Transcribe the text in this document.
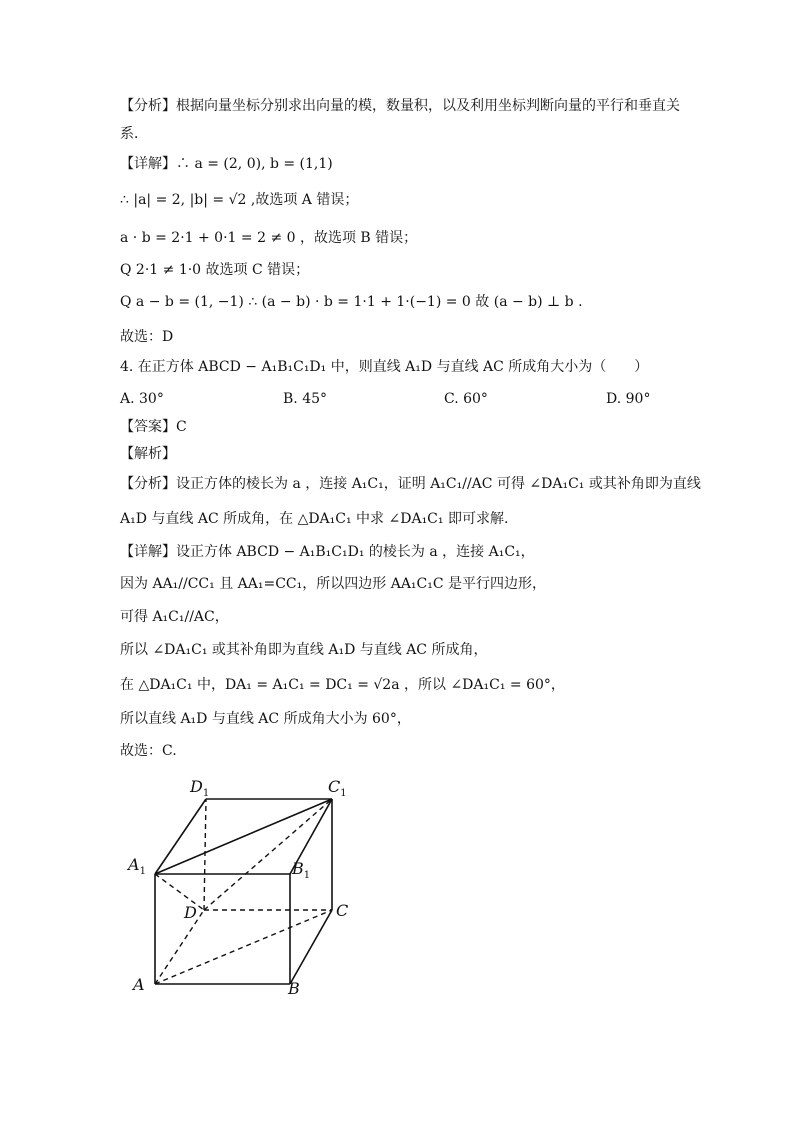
【分析】根据向量坐标分别求出向量的模，数量积，以及利用坐标判断向量的平行和垂直关
系．
【详解】∴ a = (2, 0), b = (1,1)
∴ |a| = 2, |b| = √2 ,故选项 A 错误；
a · b = 2·1 + 0·1 = 2 ≠ 0 ，故选项 B 错误；
Q 2·1 ≠ 1·0 故选项 C 错误；
Q a − b = (1, −1) ∴ (a − b) · b = 1·1 + 1·(−1) = 0 故 (a − b) ⊥ b .
故选：D
4. 在正方体 ABCD − A₁B₁C₁D₁ 中，则直线 A₁D 与直线 AC 所成角大小为（　　）
A. 30°	B. 45°	C. 60°	D. 90°
【答案】C
【解析】
【分析】设正方体的棱长为 a ，连接 A₁C₁，证明 A₁C₁//AC 可得 ∠DA₁C₁ 或其补角即为直线
A₁D 与直线 AC 所成角，在 △DA₁C₁ 中求 ∠DA₁C₁ 即可求解.
【详解】设正方体 ABCD − A₁B₁C₁D₁ 的棱长为 a ，连接 A₁C₁，
因为 AA₁//CC₁ 且 AA₁=CC₁，所以四边形 AA₁C₁C 是平行四边形，
可得 A₁C₁//AC，
所以 ∠DA₁C₁ 或其补角即为直线 A₁D 与直线 AC 所成角，
在 △DA₁C₁ 中，DA₁ = A₁C₁ = DC₁ = √2a ，所以 ∠DA₁C₁ = 60°，
所以直线 A₁D 与直线 AC 所成角大小为 60°，
故选：C.
$D_1$	$C_1$
$A_1$	$B_1$
D	C
A	B
